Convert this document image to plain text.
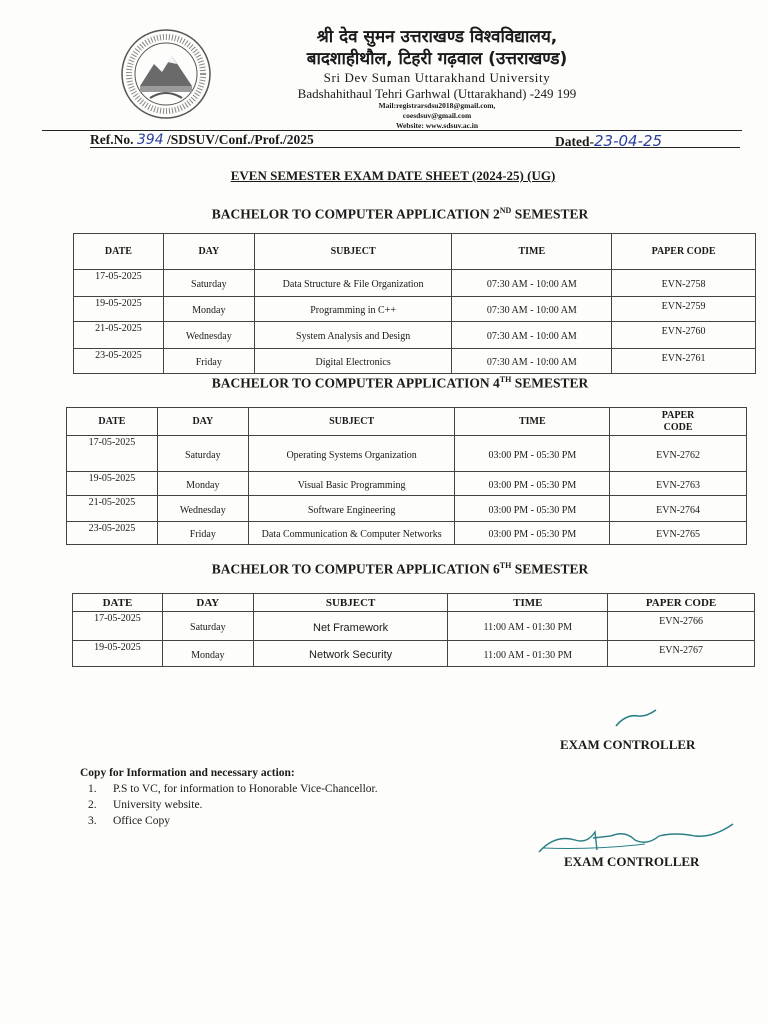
श्री देव सुमन उत्तराखण्ड विश्वविद्यालय,
बादशाहीथौल, टिहरी गढ़वाल (उत्तराखण्ड)
Sri Dev Suman Uttarakhand University
Badshahithaul Tehri Garhwal (Uttarakhand) -249 199
Mail:registrarsdsu2018@gmail.com,
coesdsuv@gmail.com
Website: www.sdsuv.ac.in
Ref.No. 394 /SDSUV/Conf./Prof./2025	Dated-23-04-25
EVEN SEMESTER EXAM DATE SHEET (2024-25) (UG)
BACHELOR TO COMPUTER APPLICATION 2ND SEMESTER
DATE	DAY	SUBJECT	TIME	PAPER CODE
17-05-2025	Saturday	Data Structure & File Organization	07:30 AM - 10:00 AM	EVN-2758
19-05-2025	Monday	Programming in C++	07:30 AM - 10:00 AM	EVN-2759
21-05-2025	Wednesday	System Analysis and Design	07:30 AM - 10:00 AM	EVN-2760
23-05-2025	Friday	Digital Electronics	07:30 AM - 10:00 AM	EVN-2761
BACHELOR TO COMPUTER APPLICATION 4TH SEMESTER
DATE	DAY	SUBJECT	TIME	PAPER
CODE

17-05-2025	Saturday	Operating Systems Organization	03:00 PM - 05:30 PM	EVN-2762
19-05-2025	Monday	Visual Basic Programming	03:00 PM - 05:30 PM	EVN-2763
21-05-2025	Wednesday	Software Engineering	03:00 PM - 05:30 PM	EVN-2764
23-05-2025	Friday	Data Communication & Computer Networks	03:00 PM - 05:30 PM	EVN-2765
BACHELOR TO COMPUTER APPLICATION 6TH SEMESTER
DATE	DAY	SUBJECT	TIME	PAPER CODE
17-05-2025	Saturday	Net Framework	11:00 AM - 01:30 PM	EVN-2766
19-05-2025	Monday	Network Security	11:00 AM - 01:30 PM	EVN-2767
EXAM CONTROLLER
Copy for Information and necessary action:
1. P.S to VC, for information to Honorable Vice-Chancellor.
2. University website.
3. Office Copy
EXAM CONTROLLER
